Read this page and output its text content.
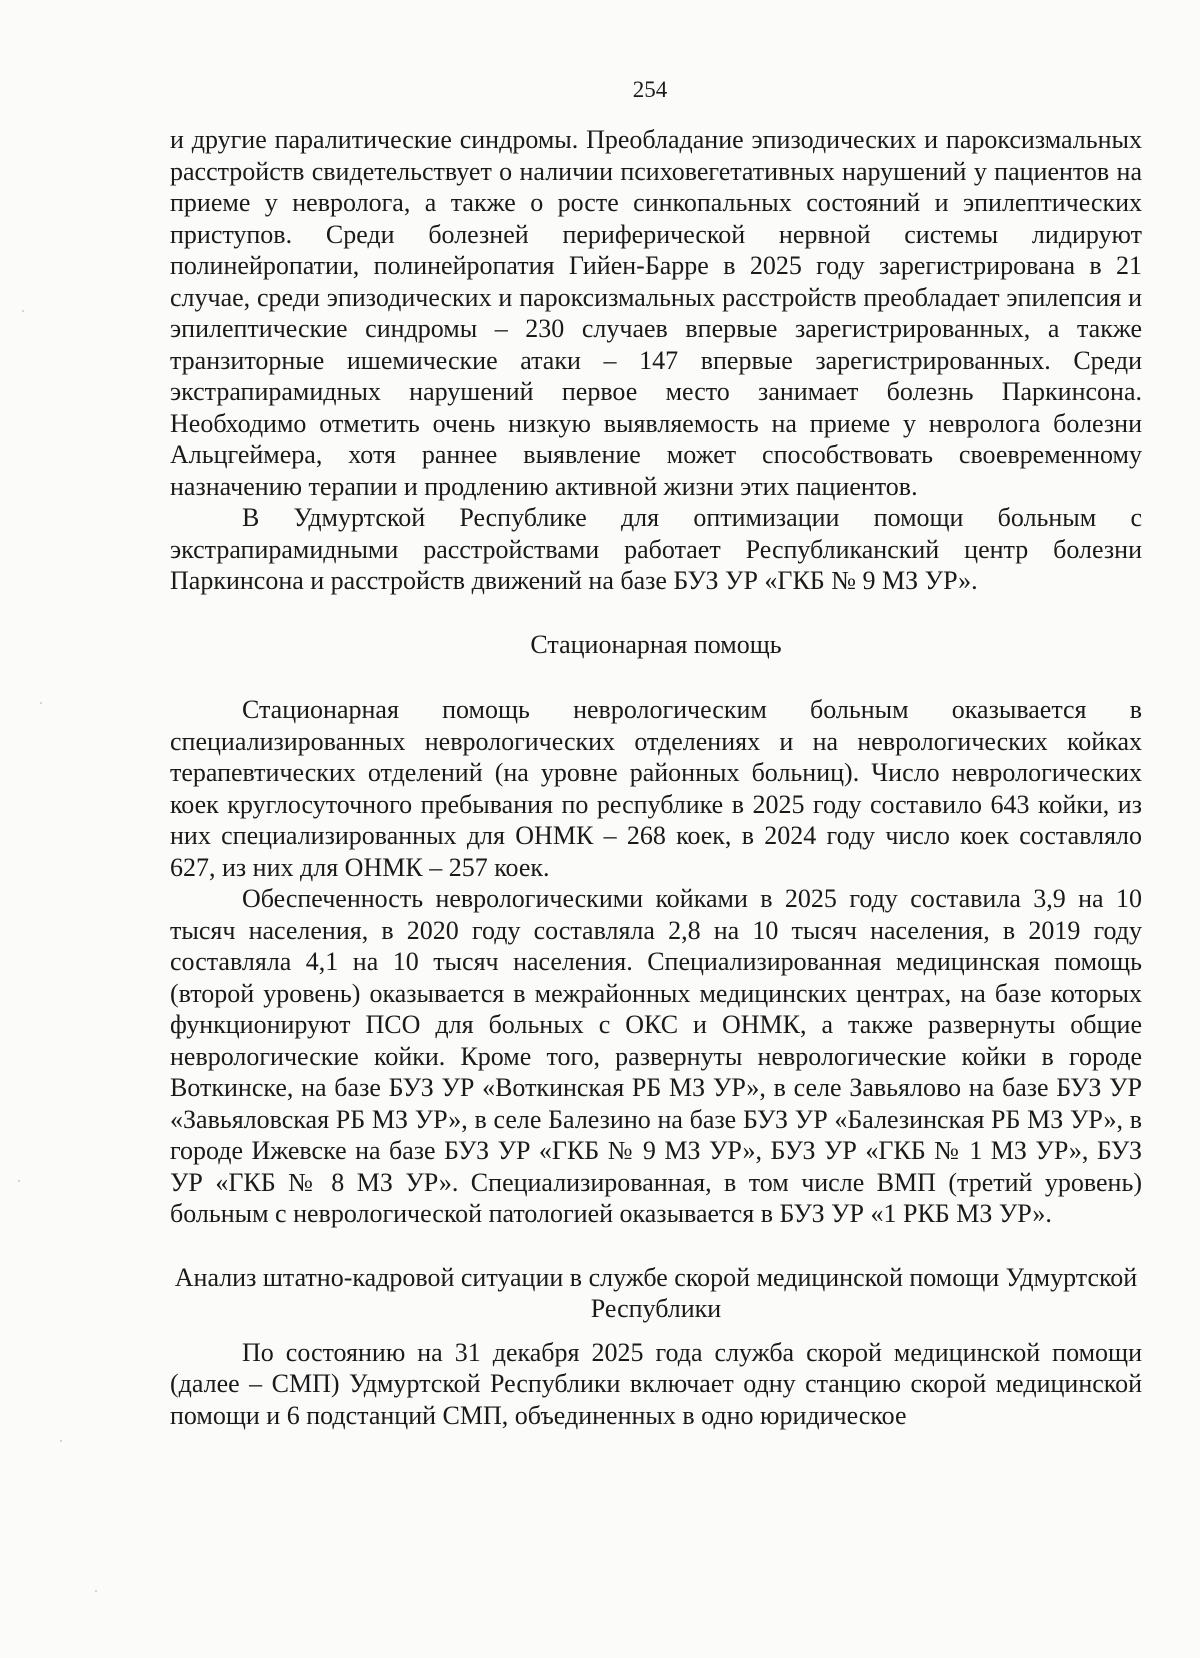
254

и другие паралитические синдромы. Преобладание эпизодических и пароксизмальных расстройств свидетельствует о наличии психовегетативных нарушений у пациентов на приеме у невролога, а также о росте синкопальных состояний и эпилептических приступов. Среди болезней периферической нервной системы лидируют полинейропатии, полинейропатия Гийен-Барре в 2025 году зарегистрирована в 21 случае, среди эпизодических и пароксизмальных расстройств преобладает эпилепсия и эпилептические синдромы – 230 случаев впервые зарегистрированных, а также транзиторные ишемические атаки – 147 впервые зарегистрированных. Среди экстрапирамидных нарушений первое место занимает болезнь Паркинсона. Необходимо отметить очень низкую выявляемость на приеме у невролога болезни Альцгеймера, хотя раннее выявление может способствовать своевременному назначению терапии и продлению активной жизни этих пациентов.

В Удмуртской Республике для оптимизации помощи больным с экстрапирамидными расстройствами работает Республиканский центр болезни Паркинсона и расстройств движений на базе БУЗ УР «ГКБ № 9 МЗ УР».

Стационарная помощь

Стационарная помощь неврологическим больным оказывается в специализированных неврологических отделениях и на неврологических койках терапевтических отделений (на уровне районных больниц). Число неврологических коек круглосуточного пребывания по республике в 2025 году составило 643 койки, из них специализированных для ОНМК – 268 коек, в 2024 году число коек составляло 627, из них для ОНМК – 257 коек.

Обеспеченность неврологическими койками в 2025 году составила 3,9 на 10 тысяч населения, в 2020 году составляла 2,8 на 10 тысяч населения, в 2019 году составляла 4,1 на 10 тысяч населения. Специализированная медицинская помощь (второй уровень) оказывается в межрайонных медицинских центрах, на базе которых функционируют ПСО для больных с ОКС и ОНМК, а также развернуты общие неврологические койки. Кроме того, развернуты неврологические койки в городе Воткинске, на базе БУЗ УР «Воткинская РБ МЗ УР», в селе Завьялово на базе БУЗ УР «Завьяловская РБ МЗ УР», в селе Балезино на базе БУЗ УР «Балезинская РБ МЗ УР», в городе Ижевске на базе БУЗ УР «ГКБ № 9 МЗ УР», БУЗ УР «ГКБ № 1 МЗ УР», БУЗ УР «ГКБ № 8 МЗ УР». Специализированная, в том числе ВМП (третий уровень) больным с неврологической патологией оказывается в БУЗ УР «1 РКБ МЗ УР».

Анализ штатно-кадровой ситуации в службе скорой медицинской помощи Удмуртской Республики

По состоянию на 31 декабря 2025 года служба скорой медицинской помощи (далее – СМП) Удмуртской Республики включает одну станцию скорой медицинской помощи и 6 подстанций СМП, объединенных в одно юридическое
